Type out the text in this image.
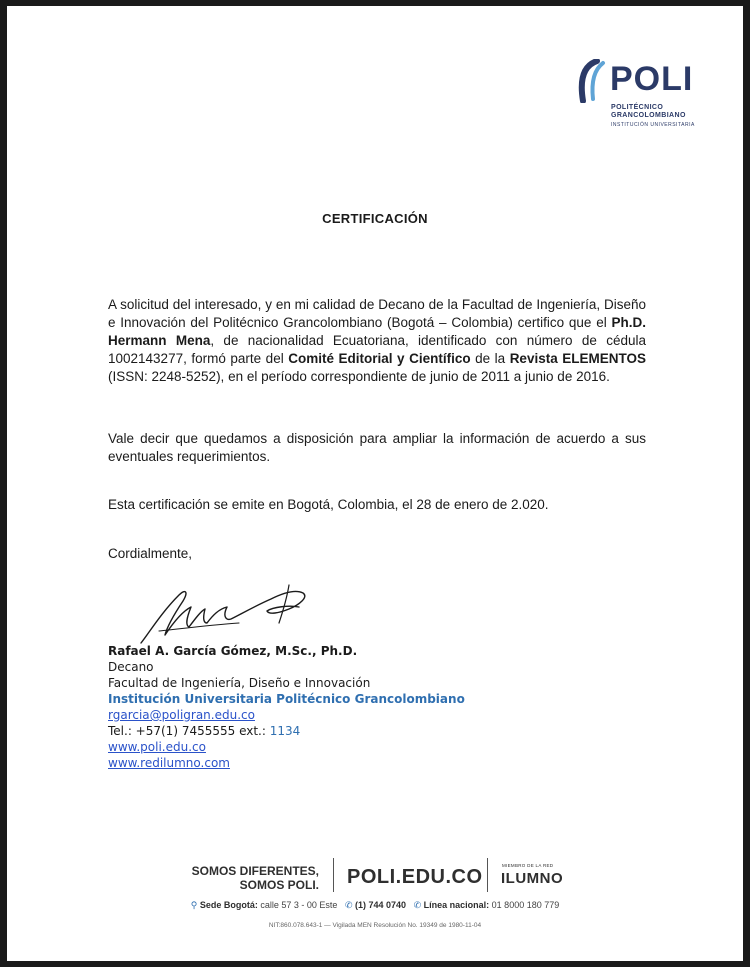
POLI
POLITÉCNICO
GRANCOLOMBIANO
INSTITUCIÓN UNIVERSITARIA
CERTIFICACIÓN
A solicitud del interesado, y en mi calidad de Decano de la Facultad de Ingeniería, Diseño e Innovación del Politécnico Grancolombiano (Bogotá – Colombia) certifico que el Ph.D. Hermann Mena, de nacionalidad Ecuatoriana, identificado con número de cédula 1002143277, formó parte del Comité Editorial y Científico de la Revista ELEMENTOS (ISSN: 2248-5252), en el período correspondiente de junio de 2011 a junio de 2016.
Vale decir que quedamos a disposición para ampliar la información de acuerdo a sus eventuales requerimientos.
Esta certificación se emite en Bogotá, Colombia, el 28 de enero de 2.020.
Cordialmente,
Rafael A. García Gómez, M.Sc., Ph.D.
Decano
Facultad de Ingeniería, Diseño e Innovación
Institución Universitaria Politécnico Grancolombiano
rgarcia@poligran.edu.co
Tel.: +57(1) 7455555 ext.: 1134
www.poli.edu.co
www.redilumno.com
SOMOS DIFERENTES,
SOMOS POLI. POLI.EDU.CO
MIEMBRO DE LA RED
ILUMNO
⚲ Sede Bogotá: calle 57 3 - 00 Este ✆ (1) 744 0740 ✆ Línea nacional: 01 8000 180 779
NIT:860.078.643-1 — Vigilada MEN Resolución No. 19349 de 1980-11-04
